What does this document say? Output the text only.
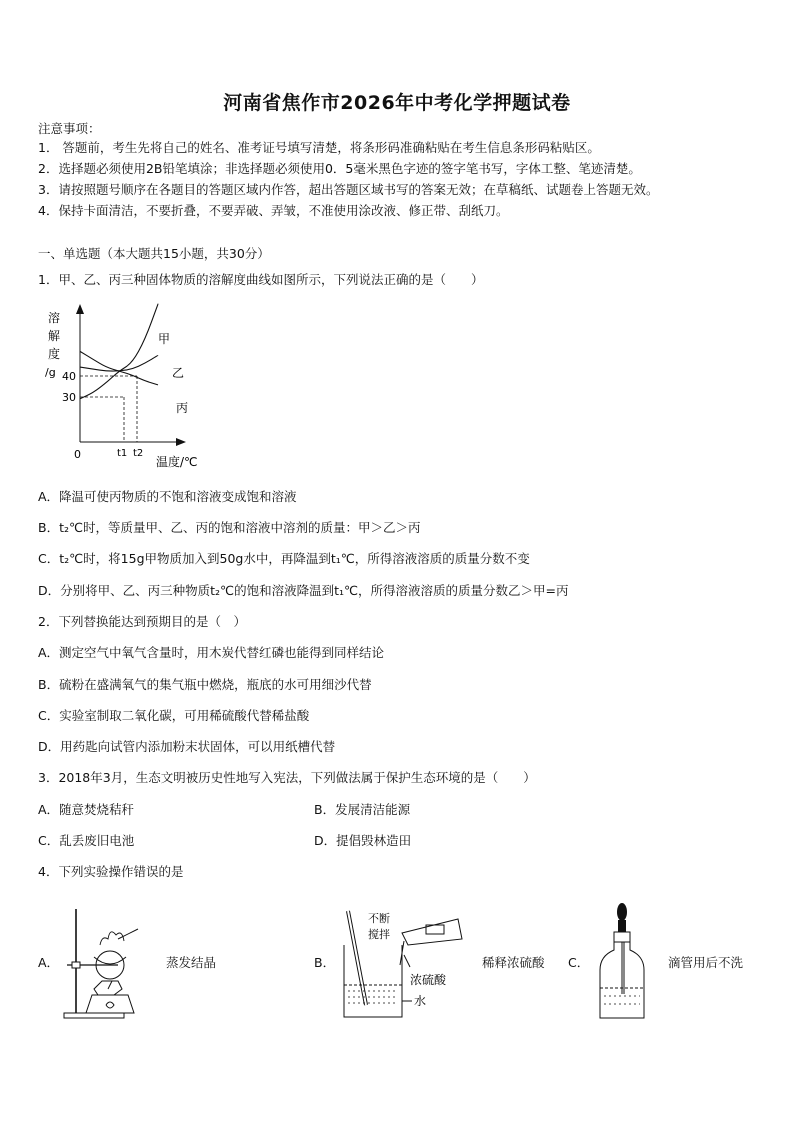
河南省焦作市2026年中考化学押题试卷
注意事项：
1． 答题前，考生先将自己的姓名、准考证号填写清楚，将条形码准确粘贴在考生信息条形码粘贴区。
2．选择题必须使用2B铅笔填涂；非选择题必须使用0．5毫米黑色字迹的签字笔书写，字体工整、笔迹清楚。
3．请按照题号顺序在各题目的答题区域内作答，超出答题区域书写的答案无效；在草稿纸、试题卷上答题无效。
4．保持卡面清洁，不要折叠，不要弄破、弄皱，不准使用涂改液、修正带、刮纸刀。
一、单选题（本大题共15小题，共30分）
1．甲、乙、丙三种固体物质的溶解度曲线如图所示，下列说法正确的是（　　）
溶
解
度
/g 40
30
0	t1 t2
温度/℃
甲
乙
丙
A．降温可使丙物质的不饱和溶液变成饱和溶液
B．t₂℃时，等质量甲、乙、丙的饱和溶液中溶剂的质量：甲＞乙＞丙
C．t₂℃时，将15g甲物质加入到50g水中，再降温到t₁℃，所得溶液溶质的质量分数不变
D．分别将甲、乙、丙三种物质t₂℃的饱和溶液降温到t₁℃，所得溶液溶质的质量分数乙＞甲=丙
2．下列替换能达到预期目的是（　）
A．测定空气中氧气含量时，用木炭代替红磷也能得到同样结论
B．硫粉在盛满氧气的集气瓶中燃烧，瓶底的水可用细沙代替
C．实验室制取二氧化碳，可用稀硫酸代替稀盐酸
D．用药匙向试管内添加粉末状固体，可以用纸槽代替
3．2018年3月，生态文明被历史性地写入宪法，下列做法属于保护生态环境的是（　　）
A．随意焚烧秸秆	B．发展清洁能源
C．乱丢废旧电池	D．提倡毁林造田
4．下列实验操作错误的是
A．	蒸发结晶	B．
不断
搅拌
浓硫酸
水
稀释浓硫酸 C．	滴管用后不洗
